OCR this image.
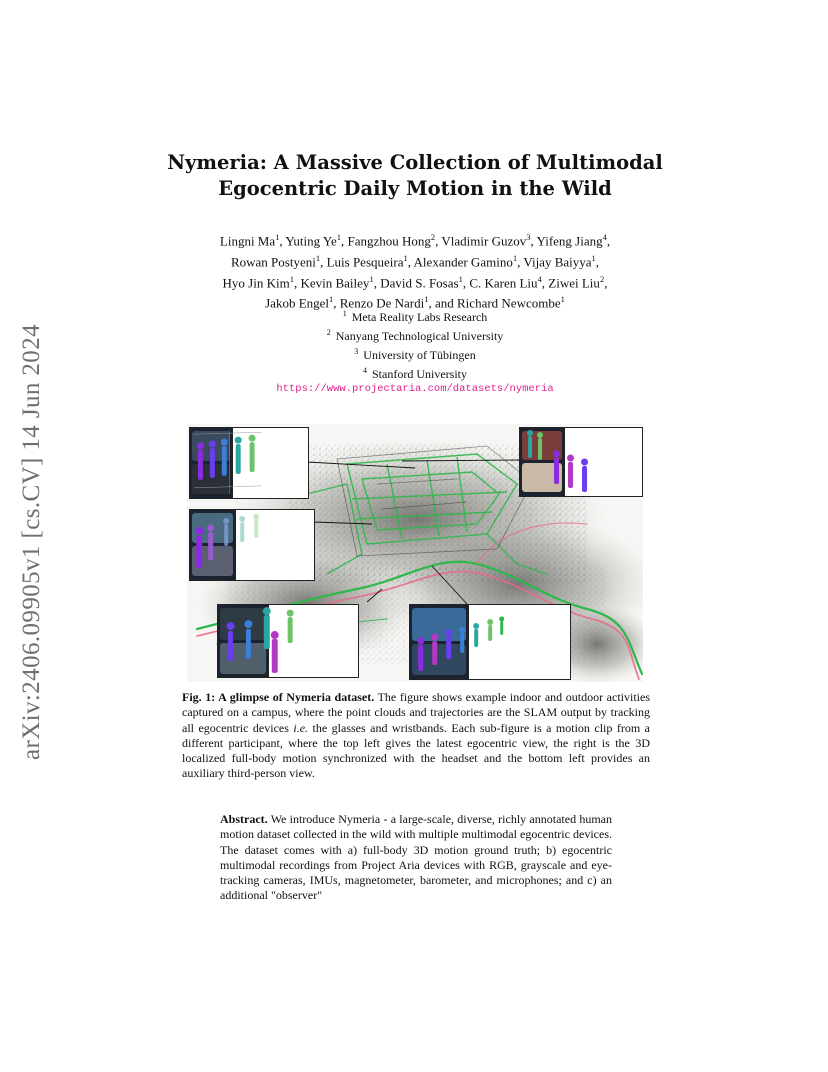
arXiv:2406.09905v1 [cs.CV] 14 Jun 2024
Nymeria: A Massive Collection of Multimodal
Egocentric Daily Motion in the Wild
Lingni Ma$^1$, Yuting Ye$^1$, Fangzhou Hong$^2$, Vladimir Guzov$^3$, Yifeng Jiang$^4$,
Rowan Postyeni$^1$, Luis Pesqueira$^1$, Alexander Gamino$^1$, Vijay Baiyya$^1$,
Hyo Jin Kim$^1$, Kevin Bailey$^1$, David S. Fosas$^1$, C. Karen Liu$^4$, Ziwei Liu$^2$,
Jakob Engel$^1$, Renzo De Nardi$^1$, and Richard Newcombe$^1$
$^1$ Meta Reality Labs Research
$^2$ Nanyang Technological University
$^3$ University of Tübingen
$^4$ Stanford University
https://www.projectaria.com/datasets/nymeria
Fig. 1: A glimpse of Nymeria dataset. The figure shows example indoor and outdoor activities captured on a campus, where the point clouds and trajectories are the SLAM output by tracking all egocentric devices i.e. the glasses and wristbands. Each sub-figure is a motion clip from a different participant, where the top left gives the latest egocentric view, the right is the 3D localized full-body motion synchronized with the headset and the bottom left provides an auxiliary third-person view.
Abstract. We introduce Nymeria - a large-scale, diverse, richly annotated human motion dataset collected in the wild with multiple multimodal egocentric devices. The dataset comes with a) full-body 3D motion ground truth; b) egocentric multimodal recordings from Project Aria devices with RGB, grayscale and eye-tracking cameras, IMUs, magnetometer, barometer, and microphones; and c) an additional "observer"
